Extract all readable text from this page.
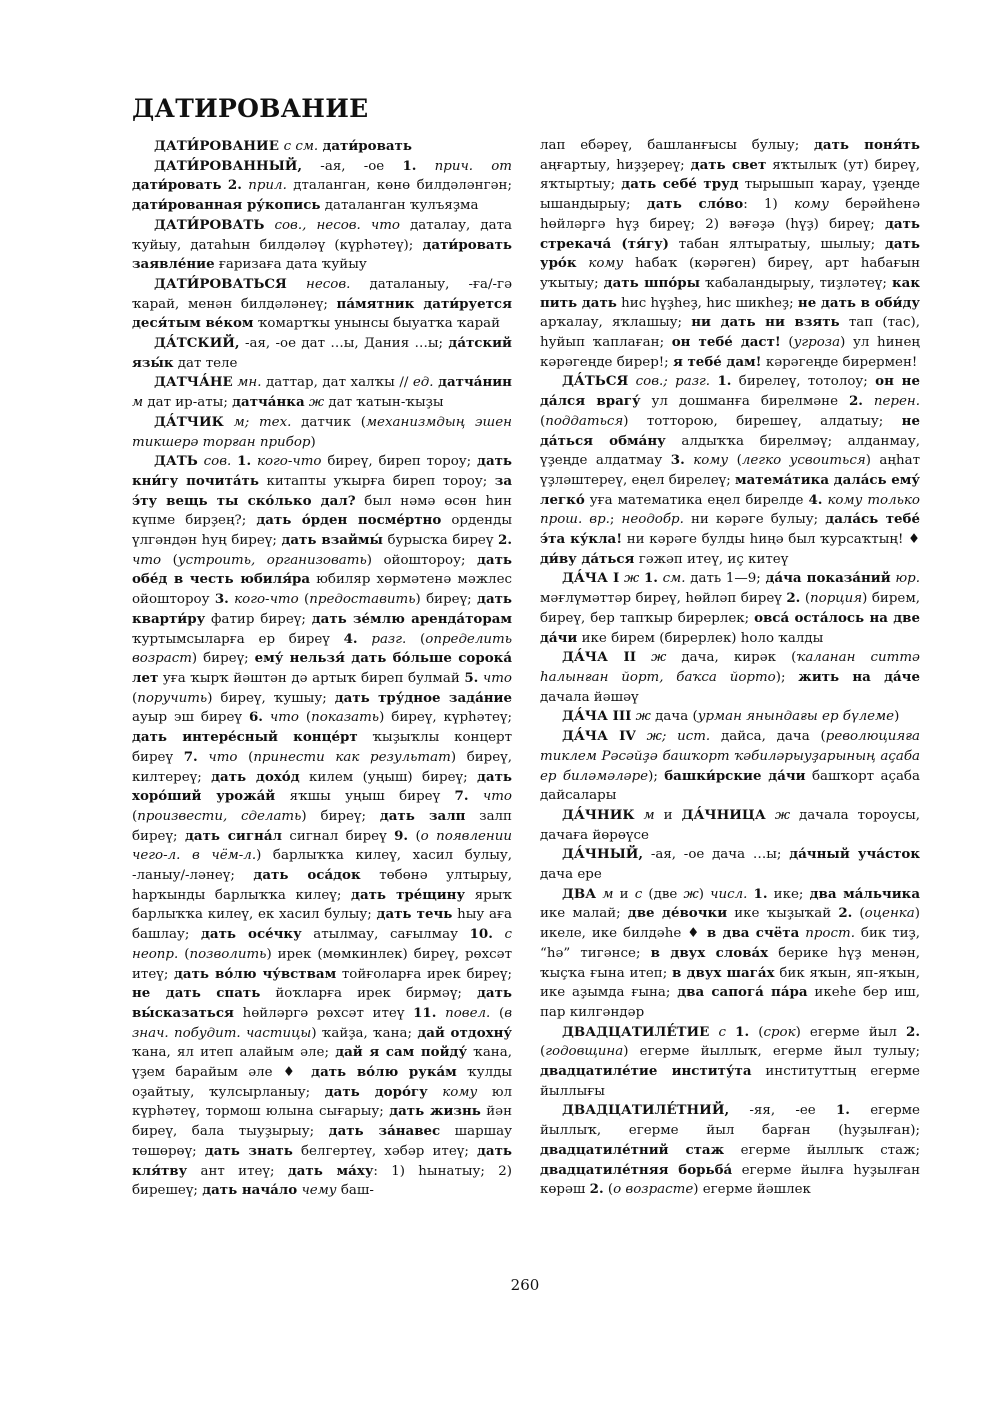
ДАТИРОВАНИЕ

ДАТИ́РОВАНИЕ с см. дати́ровать

ДАТИ́РОВАННЫЙ, -ая, -ое 1. прич. от дати́ровать 2. прил. дталанган, көнө билдәләнгән; дати́рованная ру́копись даталанган ҡулъяҙма

ДАТИ́РОВАТЬ сов., несов. что даталау, дата ҡуйыу, датаһын билдәләү (күрһәтеү); дати́ровать заявле́ние ғаризаға дата ҡуйыу

ДАТИ́РОВАТЬСЯ несов. даталаныу, -ға/-гә ҡарай, менән билдәләнеү; па́мятник дати́руется деся́тым ве́ком ҡомартҡы унынсы быуатҡа ҡарай

ДА́ТСКИЙ, -ая, -ое дат …ы, Дания …ы; да́тский язы́к дат теле

ДАТЧА́НЕ мн. даттар, дат халҡы // ед. датча́нин м дат ир-аты; датча́нка ж дат ҡатын-ҡыҙы

ДА́ТЧИК м; тех. датчик (механизмдың эшен тикшерә торған прибор)

ДАТЬ сов. 1. кого-что биреү, биреп тороу; дать кни́гу почита́ть китапты уҡырға биреп тороу; за э́ту вещь ты ско́лько дал? был нәмә өсөн һин күпме бирҙең?; дать о́рден посме́ртно орденды үлгәндән һуң биреү; дать взаймы́ бурысҡа биреү 2. что (устроить, организовать) ойоштороу; дать обе́д в честь юбиля́ра юбиляр хөрмәтенә мәжлес ойоштороу 3. кого-что (предоставить) биреү; дать кварти́ру фатир биреү; дать зе́млю аренда́торам ҡуртымсыларға ер биреү 4. разг. (определить возраст) биреү; ему́ нельзя́ дать бо́льше сорока́ лет уға ҡырҡ йәштән дә артыҡ биреп булмай 5. что (поручить) биреү, ҡушыу; дать тру́дное зада́ние ауыр эш биреү 6. что (показать) биреү, күрһәтеү; дать интере́сный конце́рт ҡыҙыҡлы концерт биреү 7. что (принести как результат) биреү, килтереү; дать дохо́д килем (уңыш) биреү; дать хоро́ший урожа́й яҡшы уңыш биреү 7. что (произвести, сделать) биреү; дать залп залп биреү; дать сигна́л сигнал биреү 9. (о появлении чего-л. в чём-л.) барлыҡҡа килеү, хасил булыу, -ланыу/-ләнеү; дать оса́док төбөнә ултырыу, һарҡынды барлыҡҡа килеү; дать тре́щину ярыҡ барлыҡҡа килеү, ек хасил булыу; дать течь һыу аға башлау; дать осе́чку атылмау, сағылмау 10. с неопр. (позволить) ирек (мөмкинлек) биреү, рөхсәт итеү; дать во́лю чу́вствам тойғоларға ирек биреү; не дать спать йоҡларға ирек бирмәү; дать вы́сказаться һөйләргә рөхсәт итеү 11. повел. (в знач. побудит. частицы) ҡайҙа, ҡана; дай отдохну́ ҡана, ял итеп алайым әле; дай я сам пойду́ ҡана, үҙем барайым әле ♦ дать во́лю рука́м ҡулды оҙайтыу, ҡулсырланыу; дать доро́гу кому юл күрһәтеү, тормош юлына сығарыу; дать жизнь йән биреү, бала тыуҙырыу; дать за́навес шаршау төшөрөү; дать знать белгертеү, хәбәр итеү; дать кля́тву ант итеү; дать ма́ху: 1) һынатыу; 2) бирешеү; дать нача́ло чему баш-

лап ебәреү, башланғысы булыу; дать поня́ть аңғартыу, һиҙҙереү; дать свет яҡтылыҡ (ут) биреү, яҡтыртыу; дать себе́ труд тырышып ҡарау, үҙеңде ышандырыу; дать сло́во: 1) кому берәйһенә һөйләргә һүҙ биреү; 2) вәғәҙә (һүҙ) биреү; дать стрекача́ (тя́гу) табан ялтыратыу, шылыу; дать уро́к кому һабаҡ (кәрәген) биреү, арт һабағын уҡытыу; дать шпо́ры ҡабаландырыу, тиҙләтеү; как пить дать һис һүҙһеҙ, һис шикһеҙ; не дать в оби́ду арҡалау, яҡлашыу; ни дать ни взять тап (тас), һуйып ҡаплаған; он тебе́ даст! (угроза) ул һинең кәрәгеңде бирер!; я тебе́ дам! кәрәгеңде бирермен!

ДА́ТЬСЯ сов.; разг. 1. бирелеү, тотолоу; он не да́лся врагу́ ул дошманға бирелмәне 2. перен. (поддаться) тотторою, бирешеү, алдатыу; не да́ться обма́ну алдыҡҡа бирелмәү; алданмау, үҙеңде алдатмау 3. кому (легко усвоиться) аңһат үҙләштереү, еңел бирелеү; матема́тика дала́сь ему́ легко́ уға математика еңел бирелде 4. кому только прош. вр.; неодобр. ни кәрәге булыу; дала́сь тебе́ э́та ку́кла! ни кәрәге булды һиңә был ҡурсаҡтың! ♦ ди́ву да́ться гәжәп итеү, иҫ китеү

ДА́ЧА I ж 1. см. дать 1—9; да́ча показа́ний юр. мәғлүмәттәр биреү, һөйләп биреү 2. (порция) бирем, биреү, бер тапҡыр бирерлек; овса́ оста́лось на две да́чи ике бирем (бирерлек) һоло ҡалды

ДА́ЧА II ж дача, кирәк (ҡаланан ситтә һалынған йорт, баҡса йорто); жить на да́че дачала йәшәү

ДА́ЧА III ж дача (урман янындағы ер бүлеме)

ДА́ЧА IV ж; ист. дайса, дача (революцияға тиклем Рәсәйҙә башҡорт ҡәбиләрыуҙарының аҫаба ер биләмәләре); башки́рские да́чи башҡорт аҫаба дайсалары

ДА́ЧНИК м и ДА́ЧНИЦА ж дачала тороусы, дачаға йөрөүсе

ДА́ЧНЫЙ, -ая, -ое дача …ы; да́чный уча́сток дача ере

ДВА м и с (две ж) числ. 1. ике; два ма́льчика ике малай; две де́вочки ике ҡыҙыҡай 2. (оценка) икеле, ике билдәһе ♦ в два счёта прост. бик тиҙ, “һә” тигәнсе; в двух слова́х берике һүҙ менән, ҡыҫҡа ғына итеп; в двух шага́х бик яҡын, яп-яҡын, ике аҙымда ғына; два сапога́ па́ра икеһе бер иш, пар килгәндәр

ДВАДЦАТИЛЕ́ТИЕ с 1. (срок) егерме йыл 2. (годовщина) егерме йыллыҡ, егерме йыл тулыу; двадцатиле́тие институ́та институттың егерме йыллығы

ДВАДЦАТИЛЕ́ТНИЙ, -яя, -ее 1. егерме йыллыҡ, егерме йыл барған (һуҙылған); двадцатиле́тний стаж егерме йыллыҡ стаж; двадцатиле́тняя борьба́ егерме йылға һуҙылған көрәш 2. (о возрасте) егерме йәшлек

260
